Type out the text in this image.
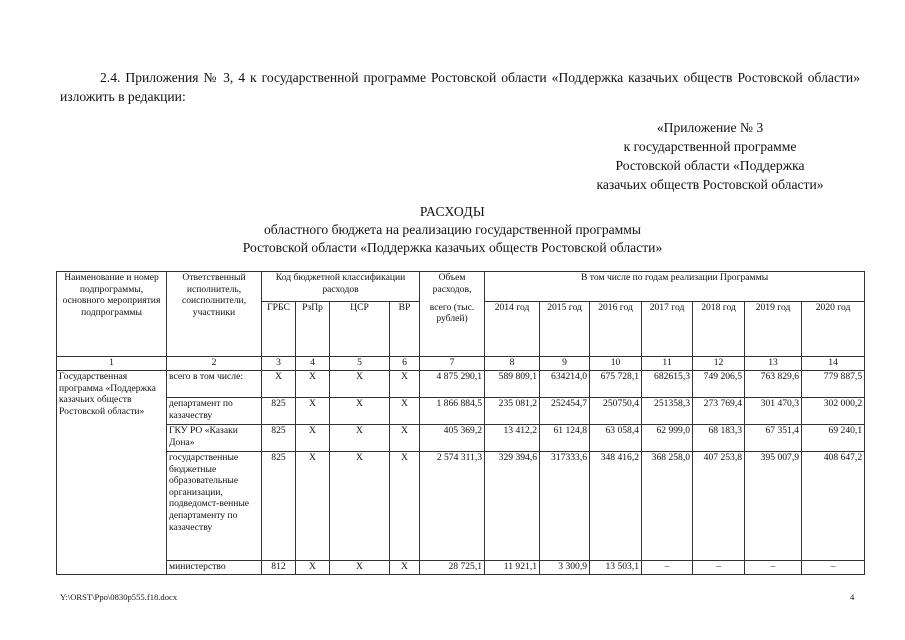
2.4. Приложения № 3, 4 к государственной программе Ростовской области «Поддержка казачьих обществ Ростовской области» изложить в редакции:
«Приложение № 3
к государственной программе
Ростовской области «Поддержка
казачьих обществ Ростовской области»
РАСХОДЫ
областного бюджета на реализацию государственной программы
Ростовской области «Поддержка казачьих обществ Ростовской области»
Наименование и номер подпрограммы, основного мероприятия подпрограммы	Ответственный исполнитель, соисполнители, участники	Код бюджетной классификации расходов				Объем расходов,	В том числе по годам реализации Программы						
		ГРБС	РзПр	ЦСР	ВР	всего (тыс. рублей)	2014 год	2015 год	2016 год	2017 год	2018 год	2019 год	2020 год
1	2	3	4	5	6	7	8	9	10	11	12	13	14
Государственная программа «Поддержка казачьих обществ Ростовской области»	всего в том числе:	Х	Х	Х	Х	4 875 290,1	589 809,1	634214,0	675 728,1	682615,3	749 206,5	763 829,6	779 887,5
	департамент по казачеству	825	Х	Х	Х	1 866 884,5	235 081,2	252454,7	250750,4	251358,3	273 769,4	301 470,3	302 000,2
	ГКУ РО «Казаки Дона»	825	Х	Х	Х	405 369,2	13 412,2	61 124,8	63 058,4	62 999,0	68 183,3	67 351,4	69 240,1
	государственные бюджетные образовательные организации, подведомст-венные департаменту по казачеству	825	Х	Х	Х	2 574 311,3	329 394,6	317333,6	348 416,2	368 258,0	407 253,8	395 007,9	408 647,2
	министерство	812	Х	Х	Х	28 725,1	11 921,1	3 300,9	13 503,1	–	–	–	–
Y:\ORST\Ppo\0830p555.f18.docx	4
